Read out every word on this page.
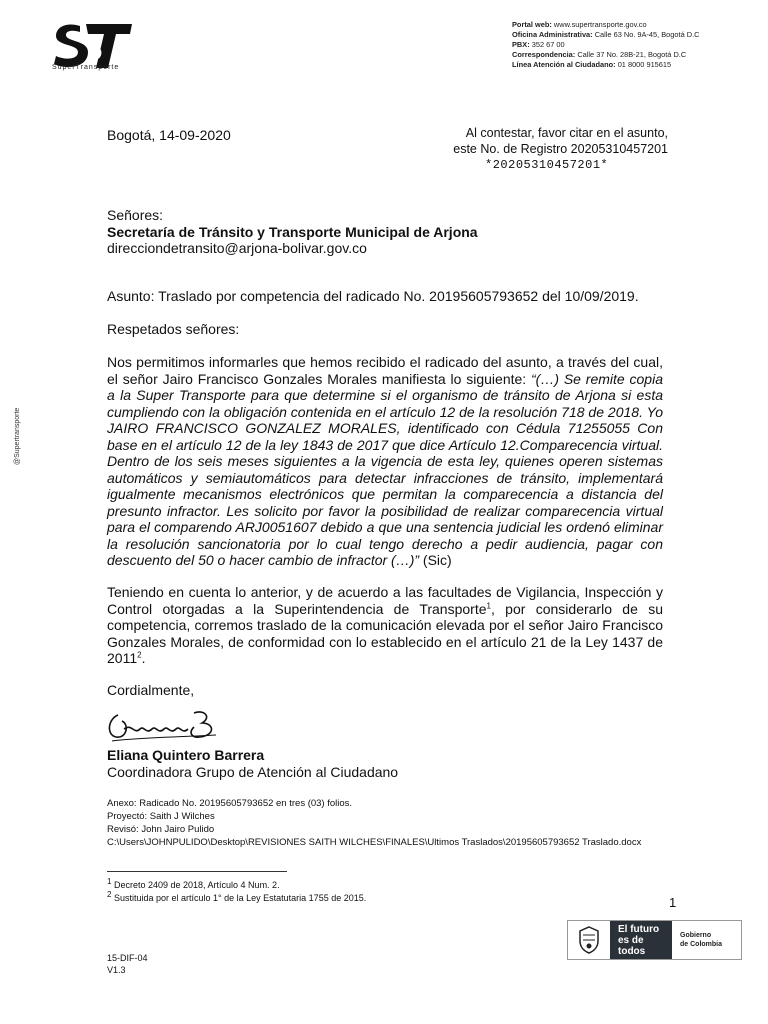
SuperTransporte
Portal web: www.supertransporte.gov.co
Oficina Administrativa: Calle 63 No. 9A-45, Bogotá D.C
PBX: 352 67 00
Correspondencia: Calle 37 No. 28B-21, Bogotá D.C
Línea Atención al Ciudadano: 01 8000 915615
Bogotá, 14-09-2020	Al contestar, favor citar en el asunto,
este No. de Registro 20205310457201
*20205310457201*
@Supertransporte
Señores:
Secretaría de Tránsito y Transporte Municipal de Arjona
direcciondetransito@arjona-bolivar.gov.co
Asunto: Traslado por competencia del radicado No. 20195605793652 del 10/09/2019.
Respetados señores:
Nos permitimos informarles que hemos recibido el radicado del asunto, a través del cual, el señor Jairo Francisco Gonzales Morales manifiesta lo siguiente: “(…) Se remite copia a la Super Transporte para que determine si el organismo de tránsito de Arjona si esta cumpliendo con la obligación contenida en el artículo 12 de la resolución 718 de 2018. Yo JAIRO FRANCISCO GONZALEZ MORALES, identificado con Cédula 71255055 Con base en el artículo 12 de la ley 1843 de 2017 que dice Artículo 12.Comparecencia virtual. Dentro de los seis meses siguientes a la vigencia de esta ley, quienes operen sistemas automáticos y semiautomáticos para detectar infracciones de tránsito, implementará igualmente mecanismos electrónicos que permitan la comparecencia a distancia del presunto infractor. Les solicito por favor la posibilidad de realizar comparecencia virtual para el comparendo ARJ0051607 debido a que una sentencia judicial les ordenó eliminar la resolución sancionatoria por lo cual tengo derecho a pedir audiencia, pagar con descuento del 50 o hacer cambio de infractor (…)” (Sic)
Teniendo en cuenta lo anterior, y de acuerdo a las facultades de Vigilancia, Inspección y Control otorgadas a la Superintendencia de Transporte$^1$, por considerarlo de su competencia, corremos traslado de la comunicación elevada por el señor Jairo Francisco Gonzales Morales, de conformidad con lo establecido en el artículo 21 de la Ley 1437 de 2011$^2$.
Cordialmente,
Eliana Quintero Barrera
Coordinadora Grupo de Atención al Ciudadano
Anexo: Radicado No. 20195605793652 en tres (03) folios.
Proyectó: Saith J Wilches
Revisó: John Jairo Pulido
C:\Users\JOHNPULIDO\Desktop\REVISIONES SAITH WILCHES\FINALES\Ultimos Traslados\20195605793652 Traslado.docx
$^1$ Decreto 2409 de 2018, Artículo 4 Num. 2.
$^2$ Sustituida por el artículo 1° de la Ley Estatutaria 1755 de 2015.	1
El futuro
es de todos
Gobierno
de Colombia
15-DIF-04
V1.3
